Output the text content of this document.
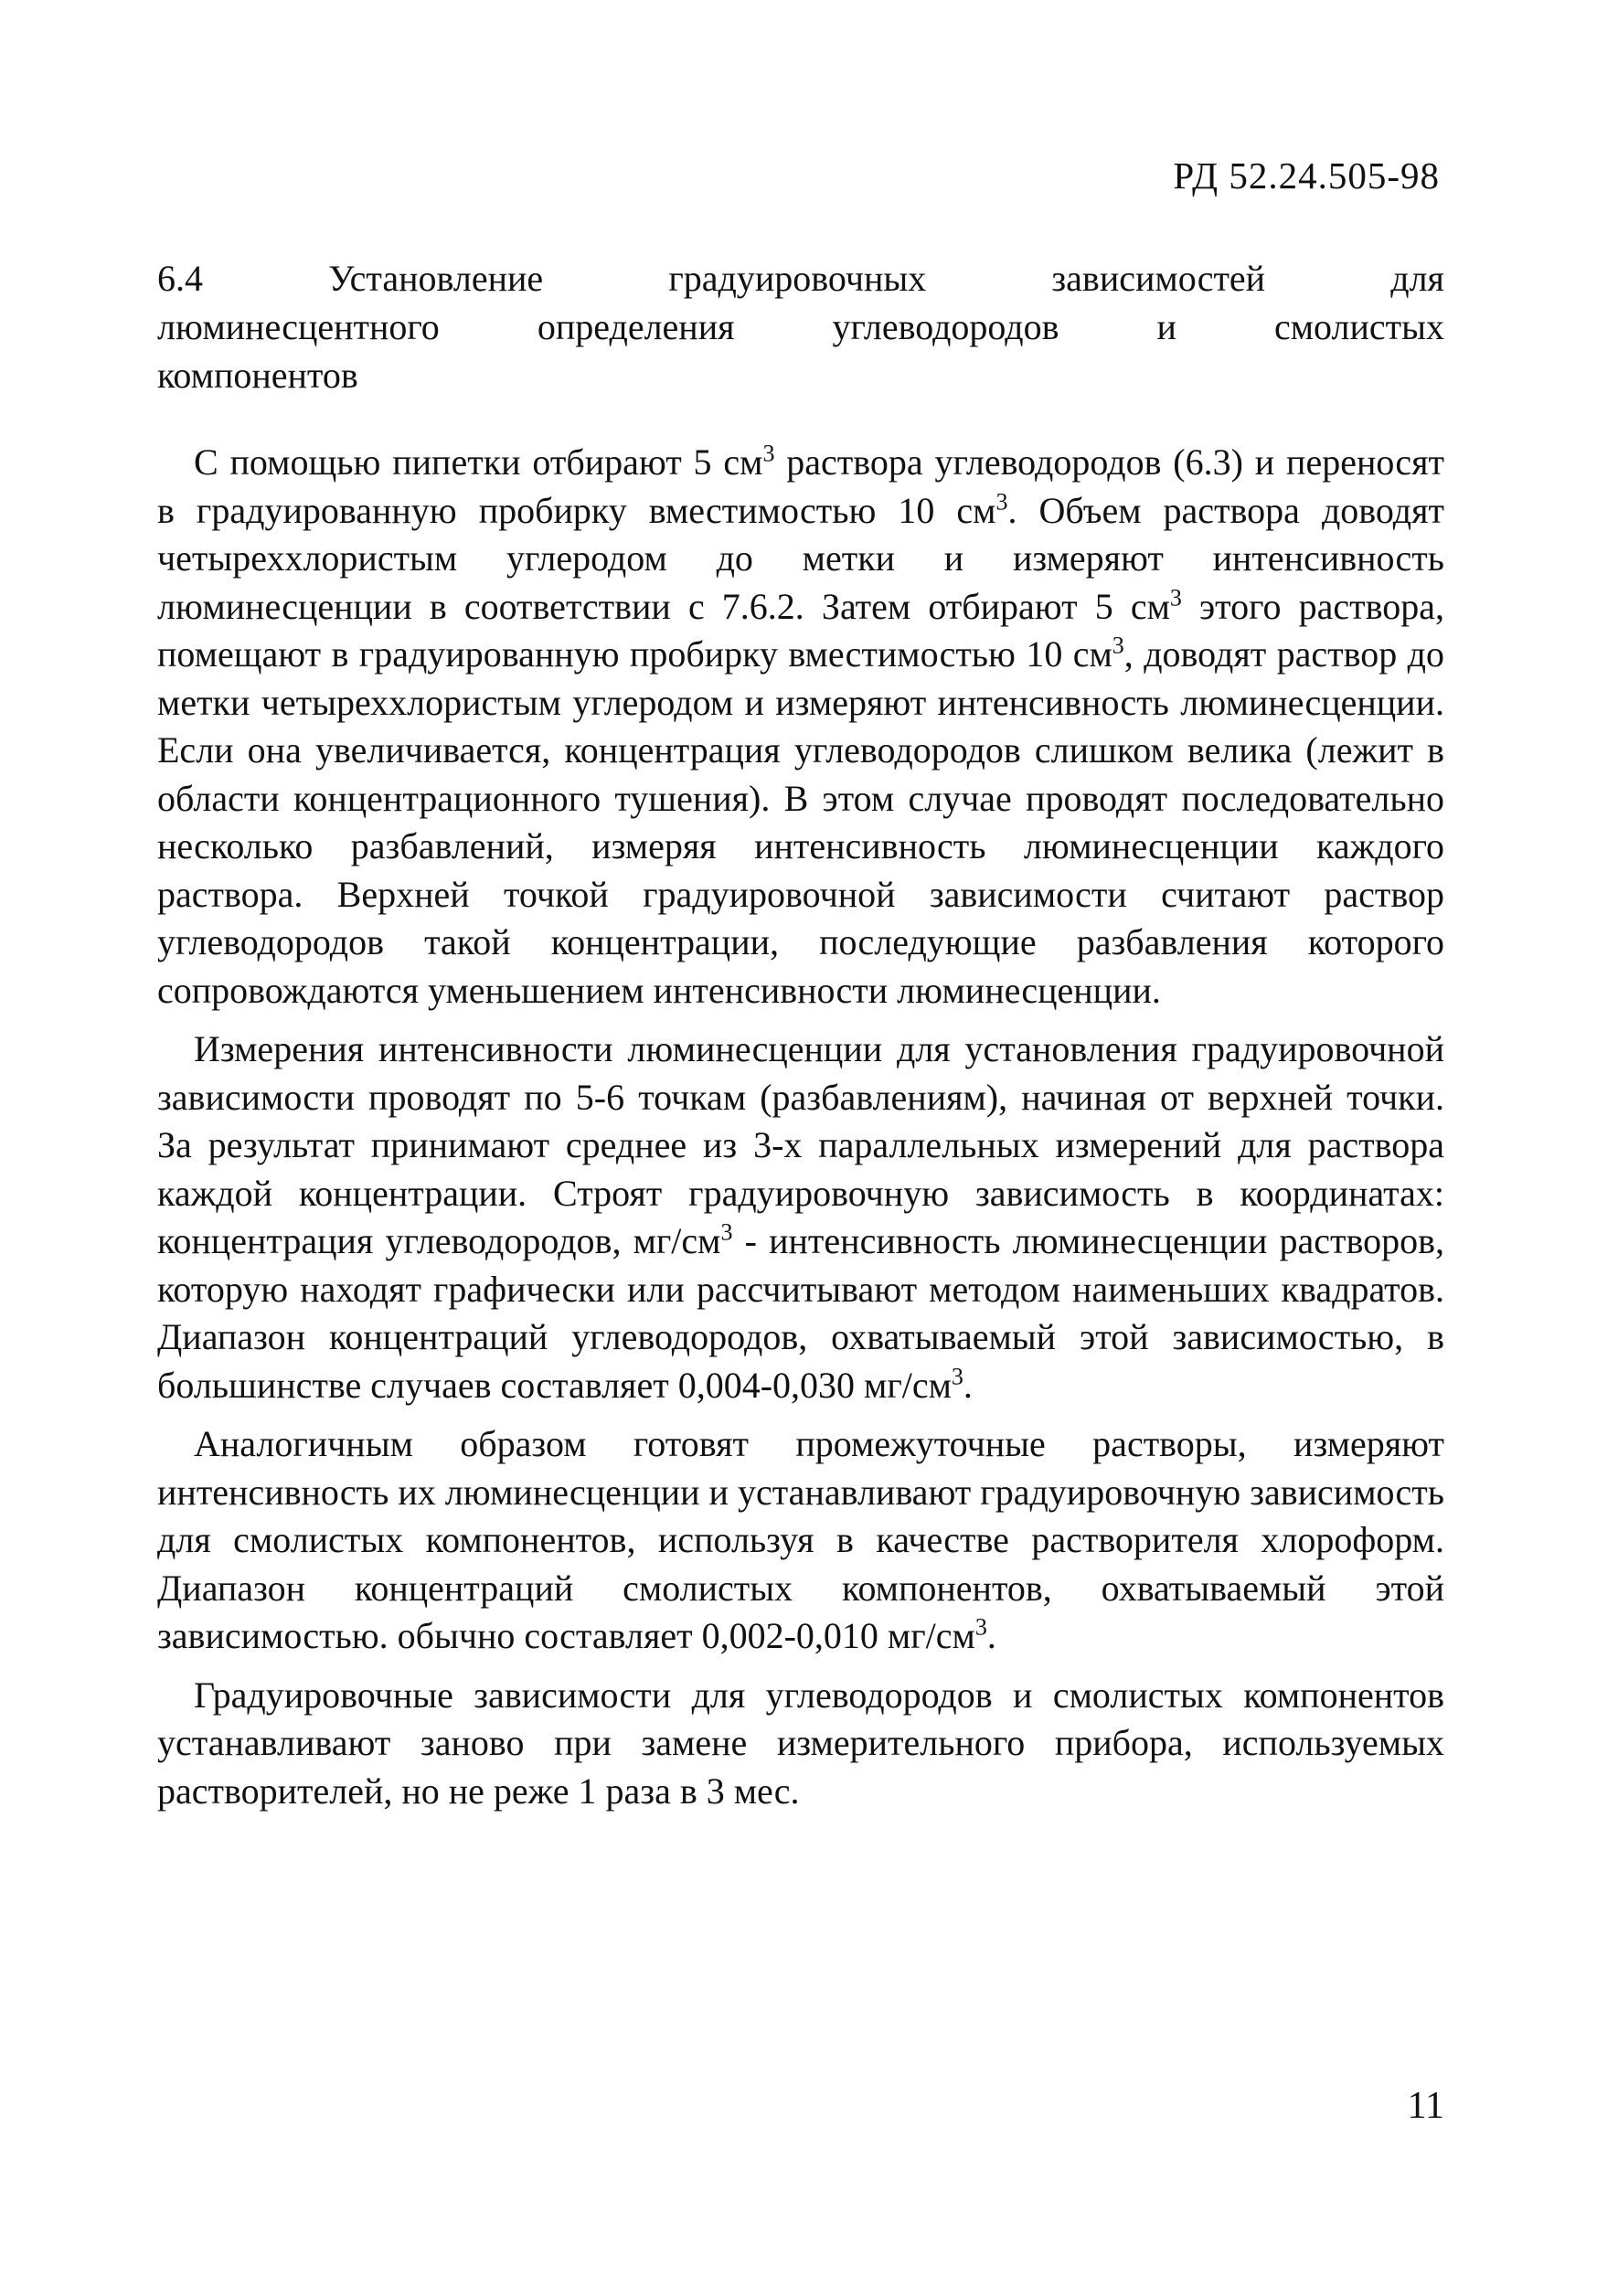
РД 52.24.505-98
6.4	Установление	градуировочных	зависимостей	для
люминесцентного	определения	углеводородов	и	смолистых
компонентов

С помощью пипетки отбирают 5 $см^3$ раствора углеводородов (6.3) и переносят в градуированную пробирку вместимостью 10 $см^3$. Объем раствора доводят четыреххлористым углеродом до метки и измеряют интенсивность люминесценции в соответствии с 7.6.2. Затем отбирают 5 $см^3$ этого раствора, помещают в градуированную пробирку вместимостью 10 $см^3$, доводят раствор до метки четыреххлористым углеродом и измеряют интенсивность люминесценции. Если она увеличивается, концентрация углеводородов слишком велика (лежит в области концентрационного тушения). В этом случае проводят последовательно несколько разбавлений, измеряя интенсивность люминесценции каждого раствора. Верхней точкой градуировочной зависимости считают раствор углеводородов такой концентрации, последующие разбавления которого сопровождаются уменьшением интенсивности люминесценции.

Измерения интенсивности люминесценции для установления градуировочной зависимости проводят по 5-6 точкам (разбавлениям), начиная от верхней точки. За результат принимают среднее из 3-х параллельных измерений для раствора каждой концентрации. Строят градуировочную зависимость в координатах: концентрация углеводородов, $мг/см^3$ - интенсивность люминесценции растворов, которую находят графически или рассчитывают методом наименьших квадратов. Диапазон концентраций углеводородов, охватываемый этой зависимостью, в большинстве случаев составляет 0,004-0,030 $мг/см^3$.

Аналогичным образом готовят промежуточные растворы, измеряют интенсивность их люминесценции и устанавливают градуировочную зависимость для смолистых компонентов, используя в качестве растворителя хлороформ. Диапазон концентраций смолистых компонентов, охватываемый этой зависимостью. обычно составляет 0,002-0,010 $мг/см^3$.

Градуировочные зависимости для углеводородов и смолистых компонентов устанавливают заново при замене измерительного прибора, используемых растворителей, но не реже 1 раза в 3 мес.

11
